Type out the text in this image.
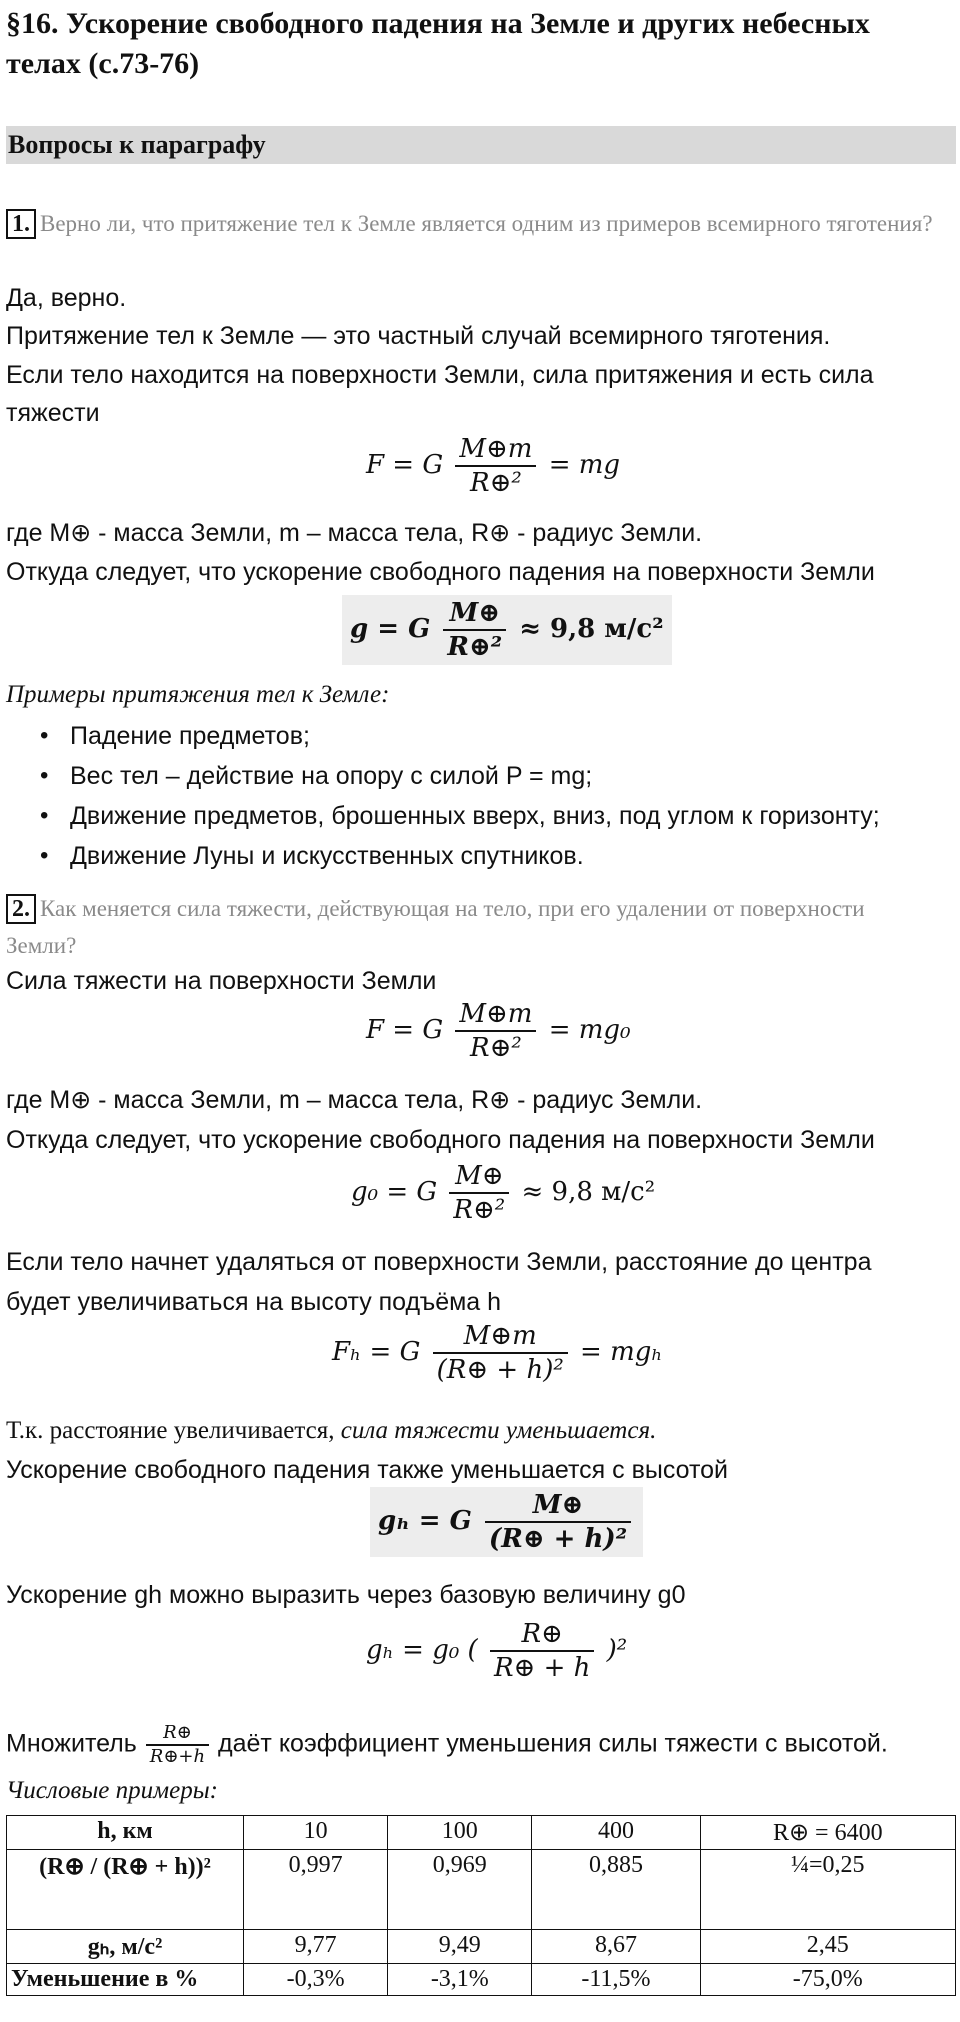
§16. Ускорение свободного падения на Земле и других небесных телах (с.73-76)
Вопросы к параграфу
1. Верно ли, что притяжение тел к Земле является одним из примеров всемирного тяготения?
Да, верно.
Притяжение тел к Земле — это частный случай всемирного тяготения.
Если тело находится на поверхности Земли, сила притяжения и есть сила
тяжести
F = G $\frac{M\oplus m}{\text{R⊕²}}$ = mg
где M⊕ - масса Земли, m – масса тела, R⊕ - радиус Земли.
Откуда следует, что ускорение свободного падения на поверхности Земли
g = G $\frac{M\oplus}{\text{R⊕²}} \approx 9,8$ м/с²
Примеры притяжения тел к Земле:
• Падение предметов;
• Вес тел – действие на опору с силой P = mg;
• Движение предметов, брошенных вверх, вниз, под углом к горизонту;
• Движение Луны и искусственных спутников.
2. Как меняется сила тяжести, действующая на тело, при его удалении от поверхности Земли?
Сила тяжести на поверхности Земли
F = G $\frac{M\oplus m}{\text{R⊕²}} = mg_0$
где M⊕ - масса Земли, m – масса тела, R⊕ - радиус Земли.
Откуда следует, что ускорение свободного падения на поверхности Земли
g₀ = G $\frac{M\oplus}{\text{R⊕²}} \approx 9,8$ м/с²
Если тело начнет удаляться от поверхности Земли, расстояние до центра
будет увеличиваться на высоту подъёма h
Fₕ = G $\frac{M\oplus m}{\text{(R⊕ + h)²}} = mg_h$
Т.к. расстояние увеличивается, сила тяжести уменьшается.
Ускорение свободного падения также уменьшается с высотой
gₕ = G $\frac{M\oplus}{\text{(R⊕ + h)²}}$
Ускорение gh можно выразить через базовую величину g0
gₕ = g₀ ( $\frac{R\oplus}{R\oplus + h} )^2$
Множитель $\frac{R\oplus}{R\oplus+h}$ даёт коэффициент уменьшения силы тяжести с высотой.
Числовые примеры:
h, км	10	100	400	R⊕ = 6400
(R⊕ / (R⊕ + h))²	0,997	0,969	0,885	¼=0,25
gₕ, м/с²	9,77	9,49	8,67	2,45
Уменьшение в %	-0,3%	-3,1%	-11,5%	-75,0%
